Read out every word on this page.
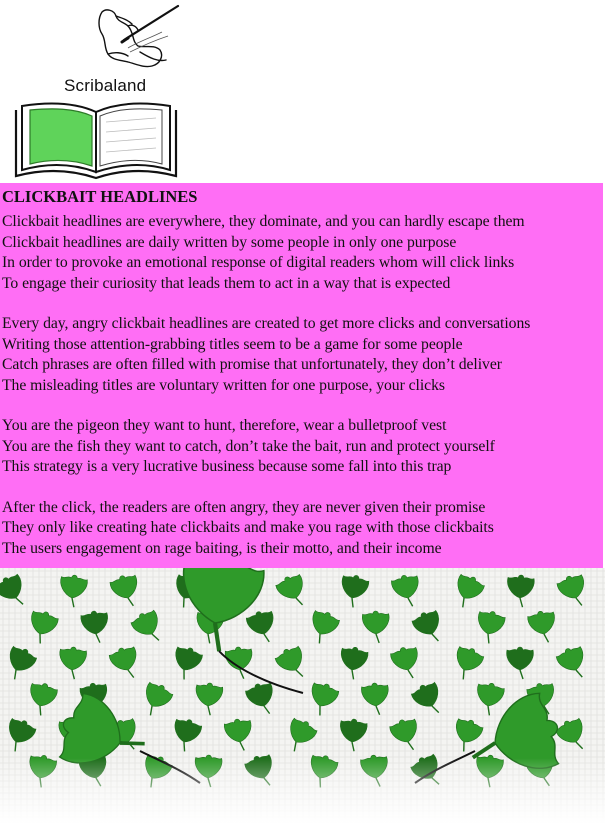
Scribaland
CLICKBAIT HEADLINES
Clickbait headlines are everywhere, they dominate, and you can hardly escape them
Clickbait headlines are daily written by some people in only one purpose
In order to provoke an emotional response of digital readers whom will click links
To engage their curiosity that leads them to act in a way that is expected
Every day, angry clickbait headlines are created to get more clicks and conversations
Writing those attention-grabbing titles seem to be a game for some people
Catch phrases are often filled with promise that unfortunately, they don’t deliver
The misleading titles are voluntary written for one purpose, your clicks
You are the pigeon they want to hunt, therefore, wear a bulletproof vest
You are the fish they want to catch, don’t take the bait, run and protect yourself
This strategy is a very lucrative business because some fall into this trap
After the click, the readers are often angry, they are never given their promise
They only like creating hate clickbaits and make you rage with those clickbaits
The users engagement on rage baiting, is their motto, and their income
